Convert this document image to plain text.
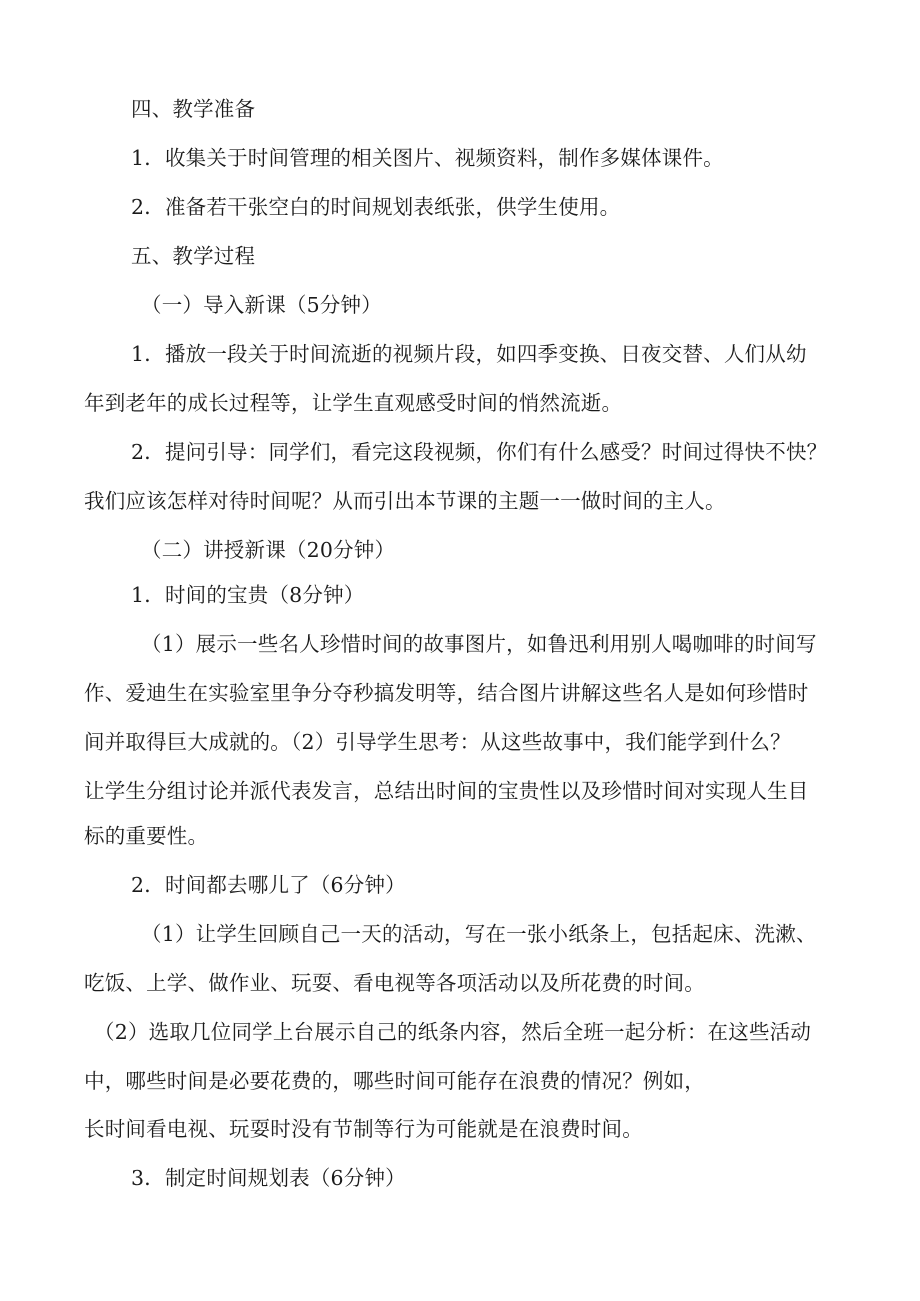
四、教学准备
1．收集关于时间管理的相关图片、视频资料，制作多媒体课件。
2．准备若干张空白的时间规划表纸张，供学生使用。
五、教学过程
（一）导入新课（5分钟）
1．播放一段关于时间流逝的视频片段，如四季变换、日夜交替、人们从幼
年到老年的成长过程等，让学生直观感受时间的悄然流逝。
2．提问引导：同学们，看完这段视频，你们有什么感受？时间过得快不快？
我们应该怎样对待时间呢？从而引出本节课的主题一一做时间的主人。
（二）讲授新课（20分钟）
1．时间的宝贵（8分钟）
（1）展示一些名人珍惜时间的故事图片，如鲁迅利用别人喝咖啡的时间写
作、爱迪生在实验室里争分夺秒搞发明等，结合图片讲解这些名人是如何珍惜时
间并取得巨大成就的。（2）引导学生思考：从这些故事中，我们能学到什么？
让学生分组讨论并派代表发言，总结出时间的宝贵性以及珍惜时间对实现人生目
标的重要性。
2．时间都去哪儿了（6分钟）
（1）让学生回顾自己一天的活动，写在一张小纸条上，包括起床、洗漱、
吃饭、上学、做作业、玩耍、看电视等各项活动以及所花费的时间。
（2）选取几位同学上台展示自己的纸条内容，然后全班一起分析：在这些活动
中，哪些时间是必要花费的，哪些时间可能存在浪费的情况？例如，
长时间看电视、玩耍时没有节制等行为可能就是在浪费时间。
3．制定时间规划表（6分钟）
